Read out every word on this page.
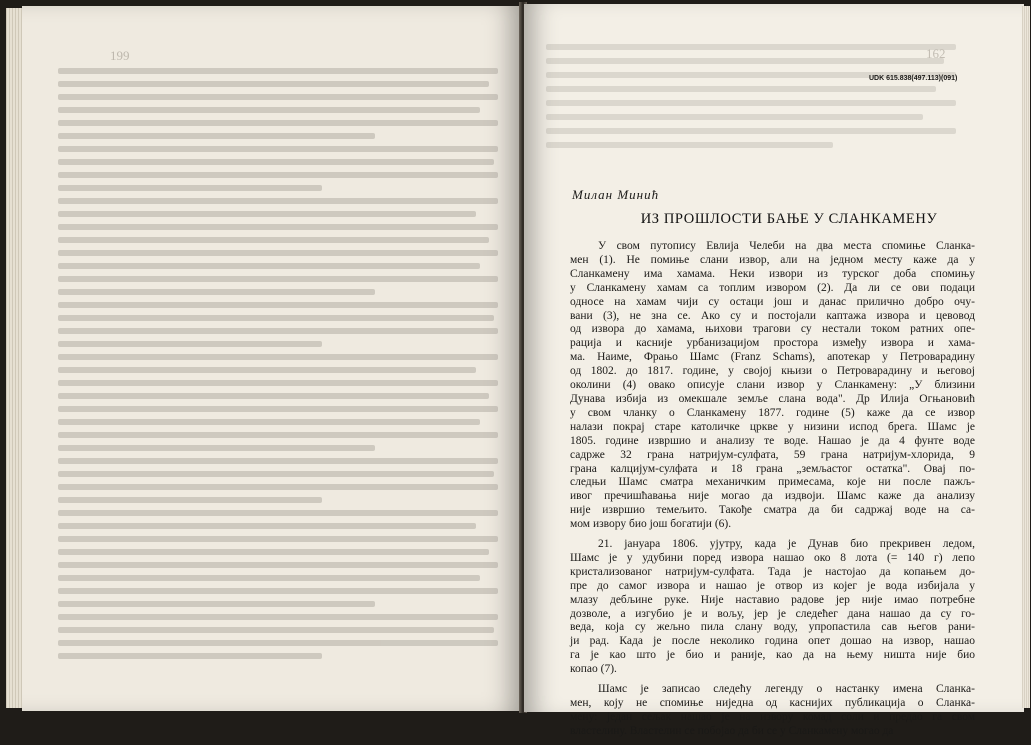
199	162
UDK 615.838(497.113)(091)
Милан Минић
ИЗ ПРОШЛОСТИ БАЊЕ У СЛАНКАМЕНУ
У свом путопису Евлија Челеби на два места спомиње Сланка-
мен (1). Не помиње слани извор, али на једном месту каже да у
Сланкамену има хамама. Неки извори из турског доба спомињу
у Сланкамену хамам са топлим извором (2). Да ли се ови подаци
односе на хамам чији су остаци још и данас прилично добро очу-
вани (3), не зна се. Ако су и постојали каптажа извора и цевовод
од извора до хамама, њихови трагови су нестали током ратних опе-
рација и касније урбанизацијом простора између извора и хама-
ма. Наиме, Фрањо Шамс (Franz Schams), апотекар у Петроварадину
од 1802. до 1817. године, у својој књизи о Петроварадину и његовој
околини (4) овако описује слани извор у Сланкамену: „У близини
Дунава избија из омекшале земље слана вода". Др Илија Огњановић
у свом чланку о Сланкамену 1877. године (5) каже да се извор
налази покрај старе католичке цркве у низини испод брега. Шамс је
1805. године извршио и анализу те воде. Нашао је да 4 фунте воде
садрже 32 грана натријум-сулфата, 59 грана натријум-хлорида, 9
грана калцијум-сулфата и 18 грана „земљастог остатка". Овај по-
следњи Шамс сматра механичким примесама, које ни после пажљ-
ивог пречишћавања није могао да издвоји. Шамс каже да анализу
није извршио темељито. Такође сматра да би садржај воде на са-
мом извору био још богатији (6).
21. јануара 1806. ујутру, када је Дунав био прекривен ледом,
Шамс је у удубини поред извора нашао око 8 лота (= 140 г) лепо
кристализованог натријум-сулфата. Тада је настојао да копањем до-
пре до самог извора и нашао је отвор из којег је вода избијала у
млазу дебљине руке. Није наставио радове јер није имао потребне
дозволе, а изгубио је и вољу, јер је следећег дана нашао да су го-
веда, која су жељно пила слану воду, упропастила сав његов рани-
ји рад. Када је после неколико година опет дошао на извор, нашао
га је као што је био и раније, као да на њему ништа није био
копао (7).
Шамс је записао следећу легенду о настанку имена Сланка-
мен, коју не спомиње ниједна од каснијих публикација о Сланка-
мену: један сељак нашао је на извору комад соли и предао га свом
властелину. Властелин се побојао да би се у Сланкамену могао да
